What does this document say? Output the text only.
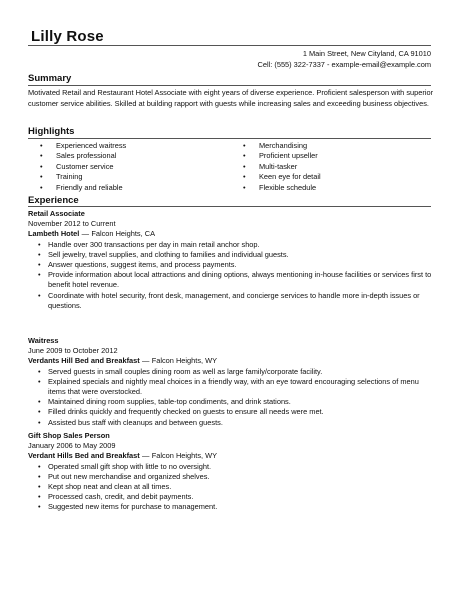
Lilly Rose
1 Main Street, New Cityland, CA 91010
Cell: (555) 322-7337 - example-email@example.com
Summary
Motivated Retail and Restaurant Hotel Associate with eight years of diverse experience. Proficient salesperson with superior customer service abilities. Skilled at building rapport with guests while increasing sales and exceeding business objectives.
Highlights
• Experienced waitress
• Sales professional
• Customer service
• Training
• Friendly and reliable
• Merchandising
• Proficient upseller
• Multi-tasker
• Keen eye for detail
• Flexible schedule
Experience
Retail Associate
November 2012 to Current
Lambeth Hotel — Falcon Heights, CA
• Handle over 300 transactions per day in main retail anchor shop.
• Sell jewelry, travel supplies, and clothing to families and individual guests.
• Answer questions, suggest items, and process payments.
• Provide information about local attractions and dining options, always mentioning in-house facilities or services first to benefit hotel revenue.
• Coordinate with hotel security, front desk, management, and concierge services to handle more in-depth issues or questions.
Waitress
June 2009 to October 2012
Verdants Hill Bed and Breakfast — Falcon Heights, WY
• Served guests in small couples dining room as well as large family/corporate facility.
• Explained specials and nightly meal choices in a friendly way, with an eye toward encouraging selections of menu items that were overstocked.
• Maintained dining room supplies, table-top condiments, and drink stations.
• Filled drinks quickly and frequently checked on guests to ensure all needs were met.
• Assisted bus staff with cleanups and between guests.
Gift Shop Sales Person
January 2006 to May 2009
Verdant Hills Bed and Breakfast — Falcon Heights, WY
• Operated small gift shop with little to no oversight.
• Put out new merchandise and organized shelves.
• Kept shop neat and clean at all times.
• Processed cash, credit, and debit payments.
• Suggested new items for purchase to management.
